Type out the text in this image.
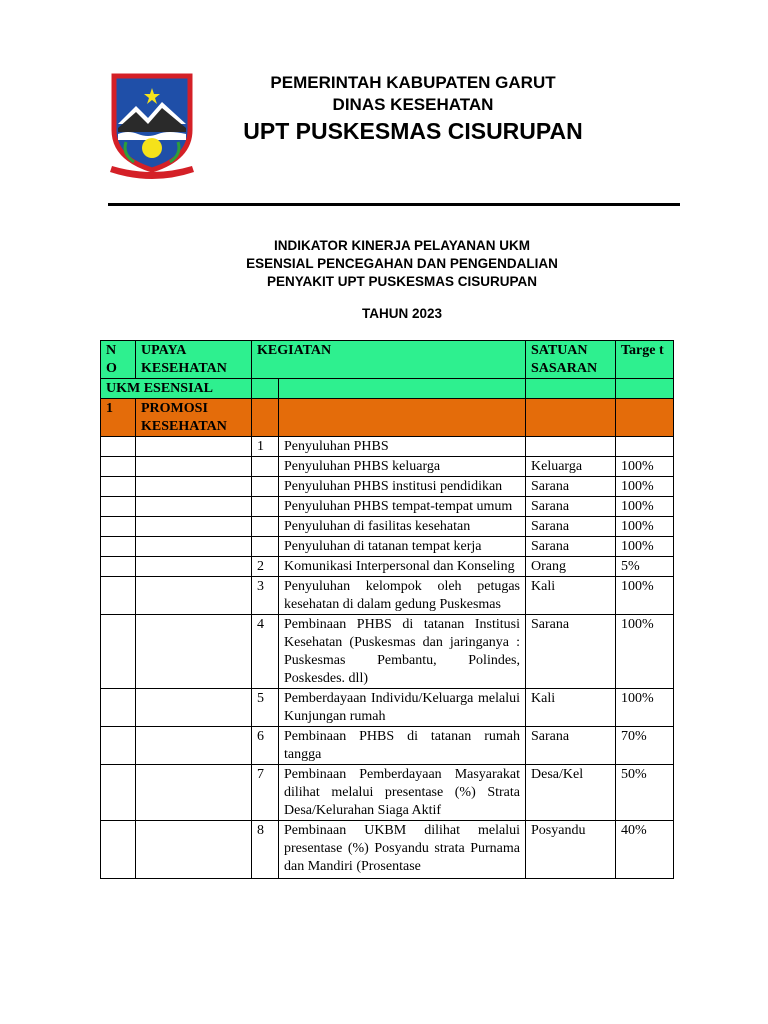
PEMERINTAH KABUPATEN GARUT
DINAS KESEHATAN
UPT PUSKESMAS CISURUPAN
INDIKATOR KINERJA PELAYANAN UKM
ESENSIAL PENCEGAHAN DAN PENGENDALIAN
PENYAKIT UPT PUSKESMAS CISURUPAN
TAHUN 2023
N O	UPAYA KESEHATAN	KEGIATAN		SATUAN SASARAN	Targe t
UKM ESENSIAL					
1	PROMOSI KESEHATAN				
		1	Penyuluhan PHBS		
			Penyuluhan PHBS keluarga	Keluarga	100%
			Penyuluhan PHBS institusi pendidikan	Sarana	100%
			Penyuluhan PHBS tempat-tempat umum	Sarana	100%
			Penyuluhan di fasilitas kesehatan	Sarana	100%
			Penyuluhan di tatanan tempat kerja	Sarana	100%
		2	Komunikasi Interpersonal dan Konseling	Orang	5%
		3	Penyuluhan kelompok oleh petugas kesehatan di dalam gedung Puskesmas	Kali	100%
		4	Pembinaan PHBS di tatanan Institusi Kesehatan (Puskesmas dan jaringanya : Puskesmas Pembantu, Polindes, Poskesdes. dll)	Sarana	100%
		5	Pemberdayaan Individu/Keluarga melalui Kunjungan rumah	Kali	100%
		6	Pembinaan PHBS di tatanan rumah tangga	Sarana	70%
		7	Pembinaan Pemberdayaan Masyarakat dilihat melalui presentase (%) Strata Desa/Kelurahan Siaga Aktif	Desa/Kel	50%
		8	Pembinaan UKBM dilihat melalui presentase (%) Posyandu strata Purnama dan Mandiri (Prosentase	Posyandu	40%
